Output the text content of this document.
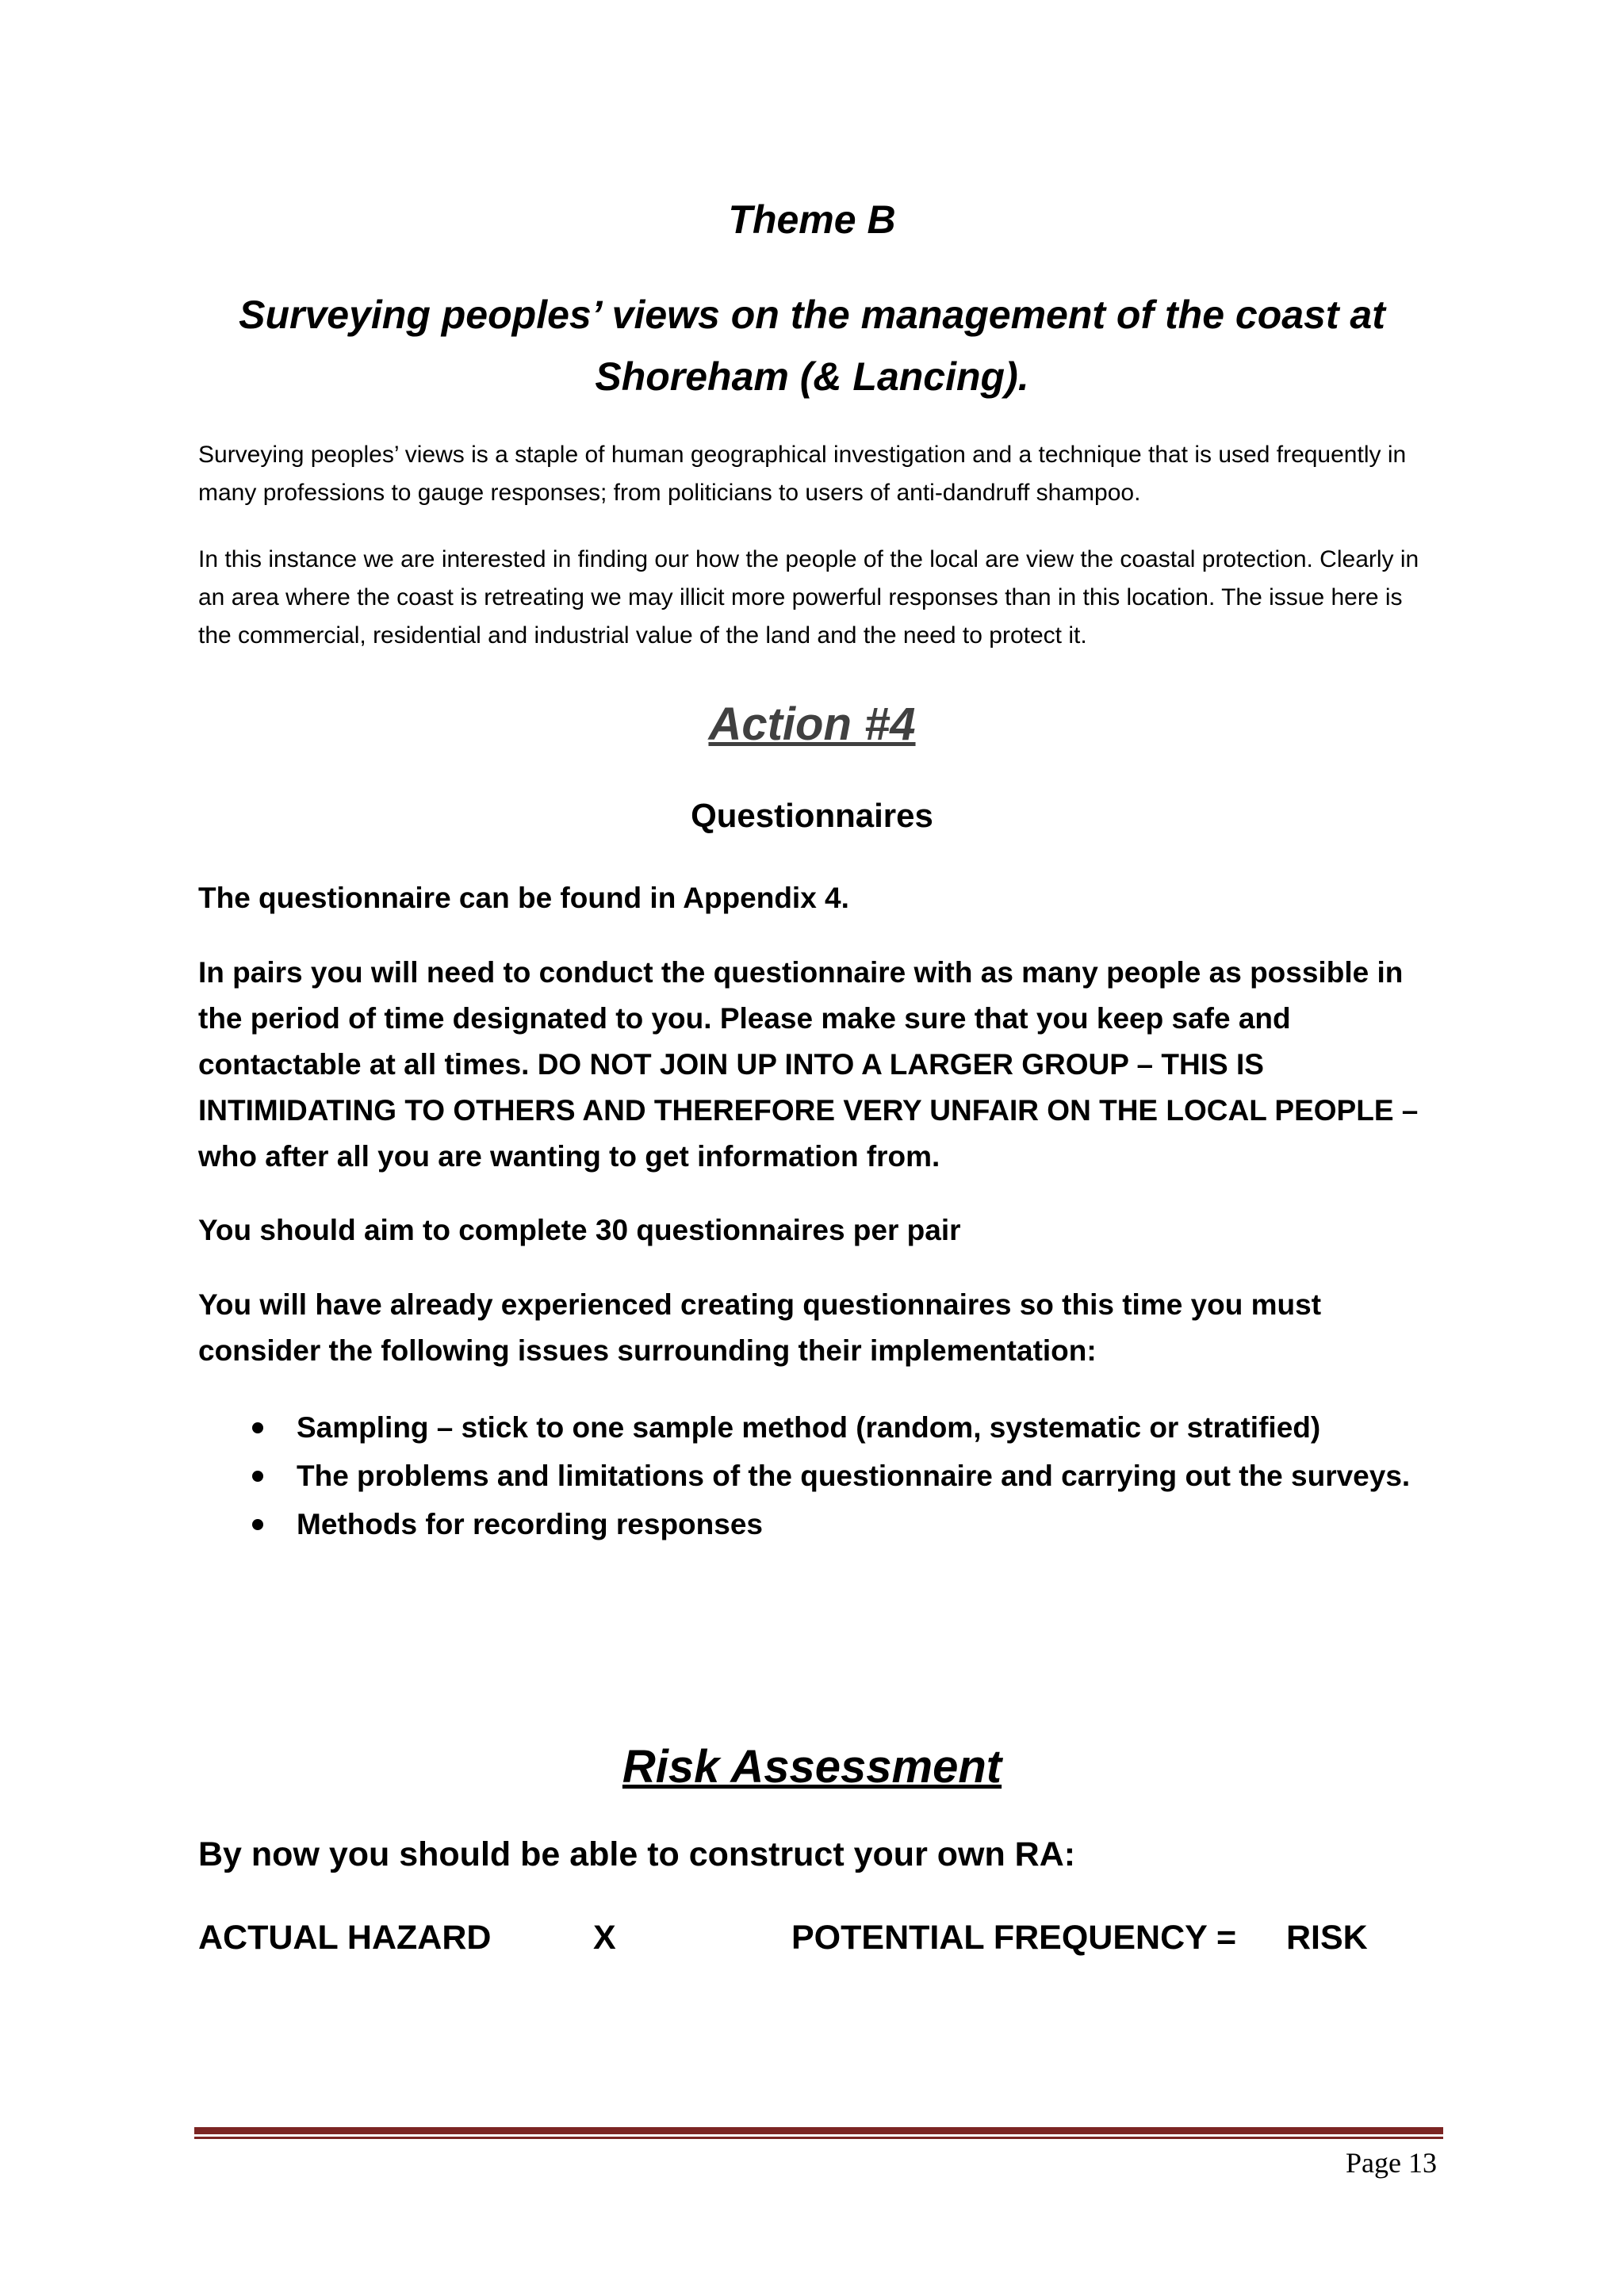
Theme B
Surveying peoples’ views on the management of the coast at
Shoreham (& Lancing).

Surveying peoples’ views is a staple of human geographical investigation and a technique that is used frequently in many professions to gauge responses; from politicians to users of anti-dandruff shampoo.

In this instance we are interested in finding our how the people of the local are view the coastal protection. Clearly in an area where the coast is retreating we may illicit more powerful responses than in this location. The issue here is the commercial, residential and industrial value of the land and the need to protect it.

Action #4
Questionnaires

The questionnaire can be found in Appendix 4.

In pairs you will need to conduct the questionnaire with as many people as possible in the period of time designated to you. Please make sure that you keep safe and contactable at all times. DO NOT JOIN UP INTO A LARGER GROUP – THIS IS INTIMIDATING TO OTHERS AND THEREFORE VERY UNFAIR ON THE LOCAL PEOPLE – who after all you are wanting to get information from.

You should aim to complete 30 questionnaires per pair

You will have already experienced creating questionnaires so this time you must consider the following issues surrounding their implementation:

Sampling – stick to one sample method (random, systematic or stratified)
The problems and limitations of the questionnaire and carrying out the surveys.
Methods for recording responses
Risk Assessment
By now you should be able to construct your own RA:
ACTUAL HAZARD	X	POTENTIAL FREQUENCY = RISK
Page 13
